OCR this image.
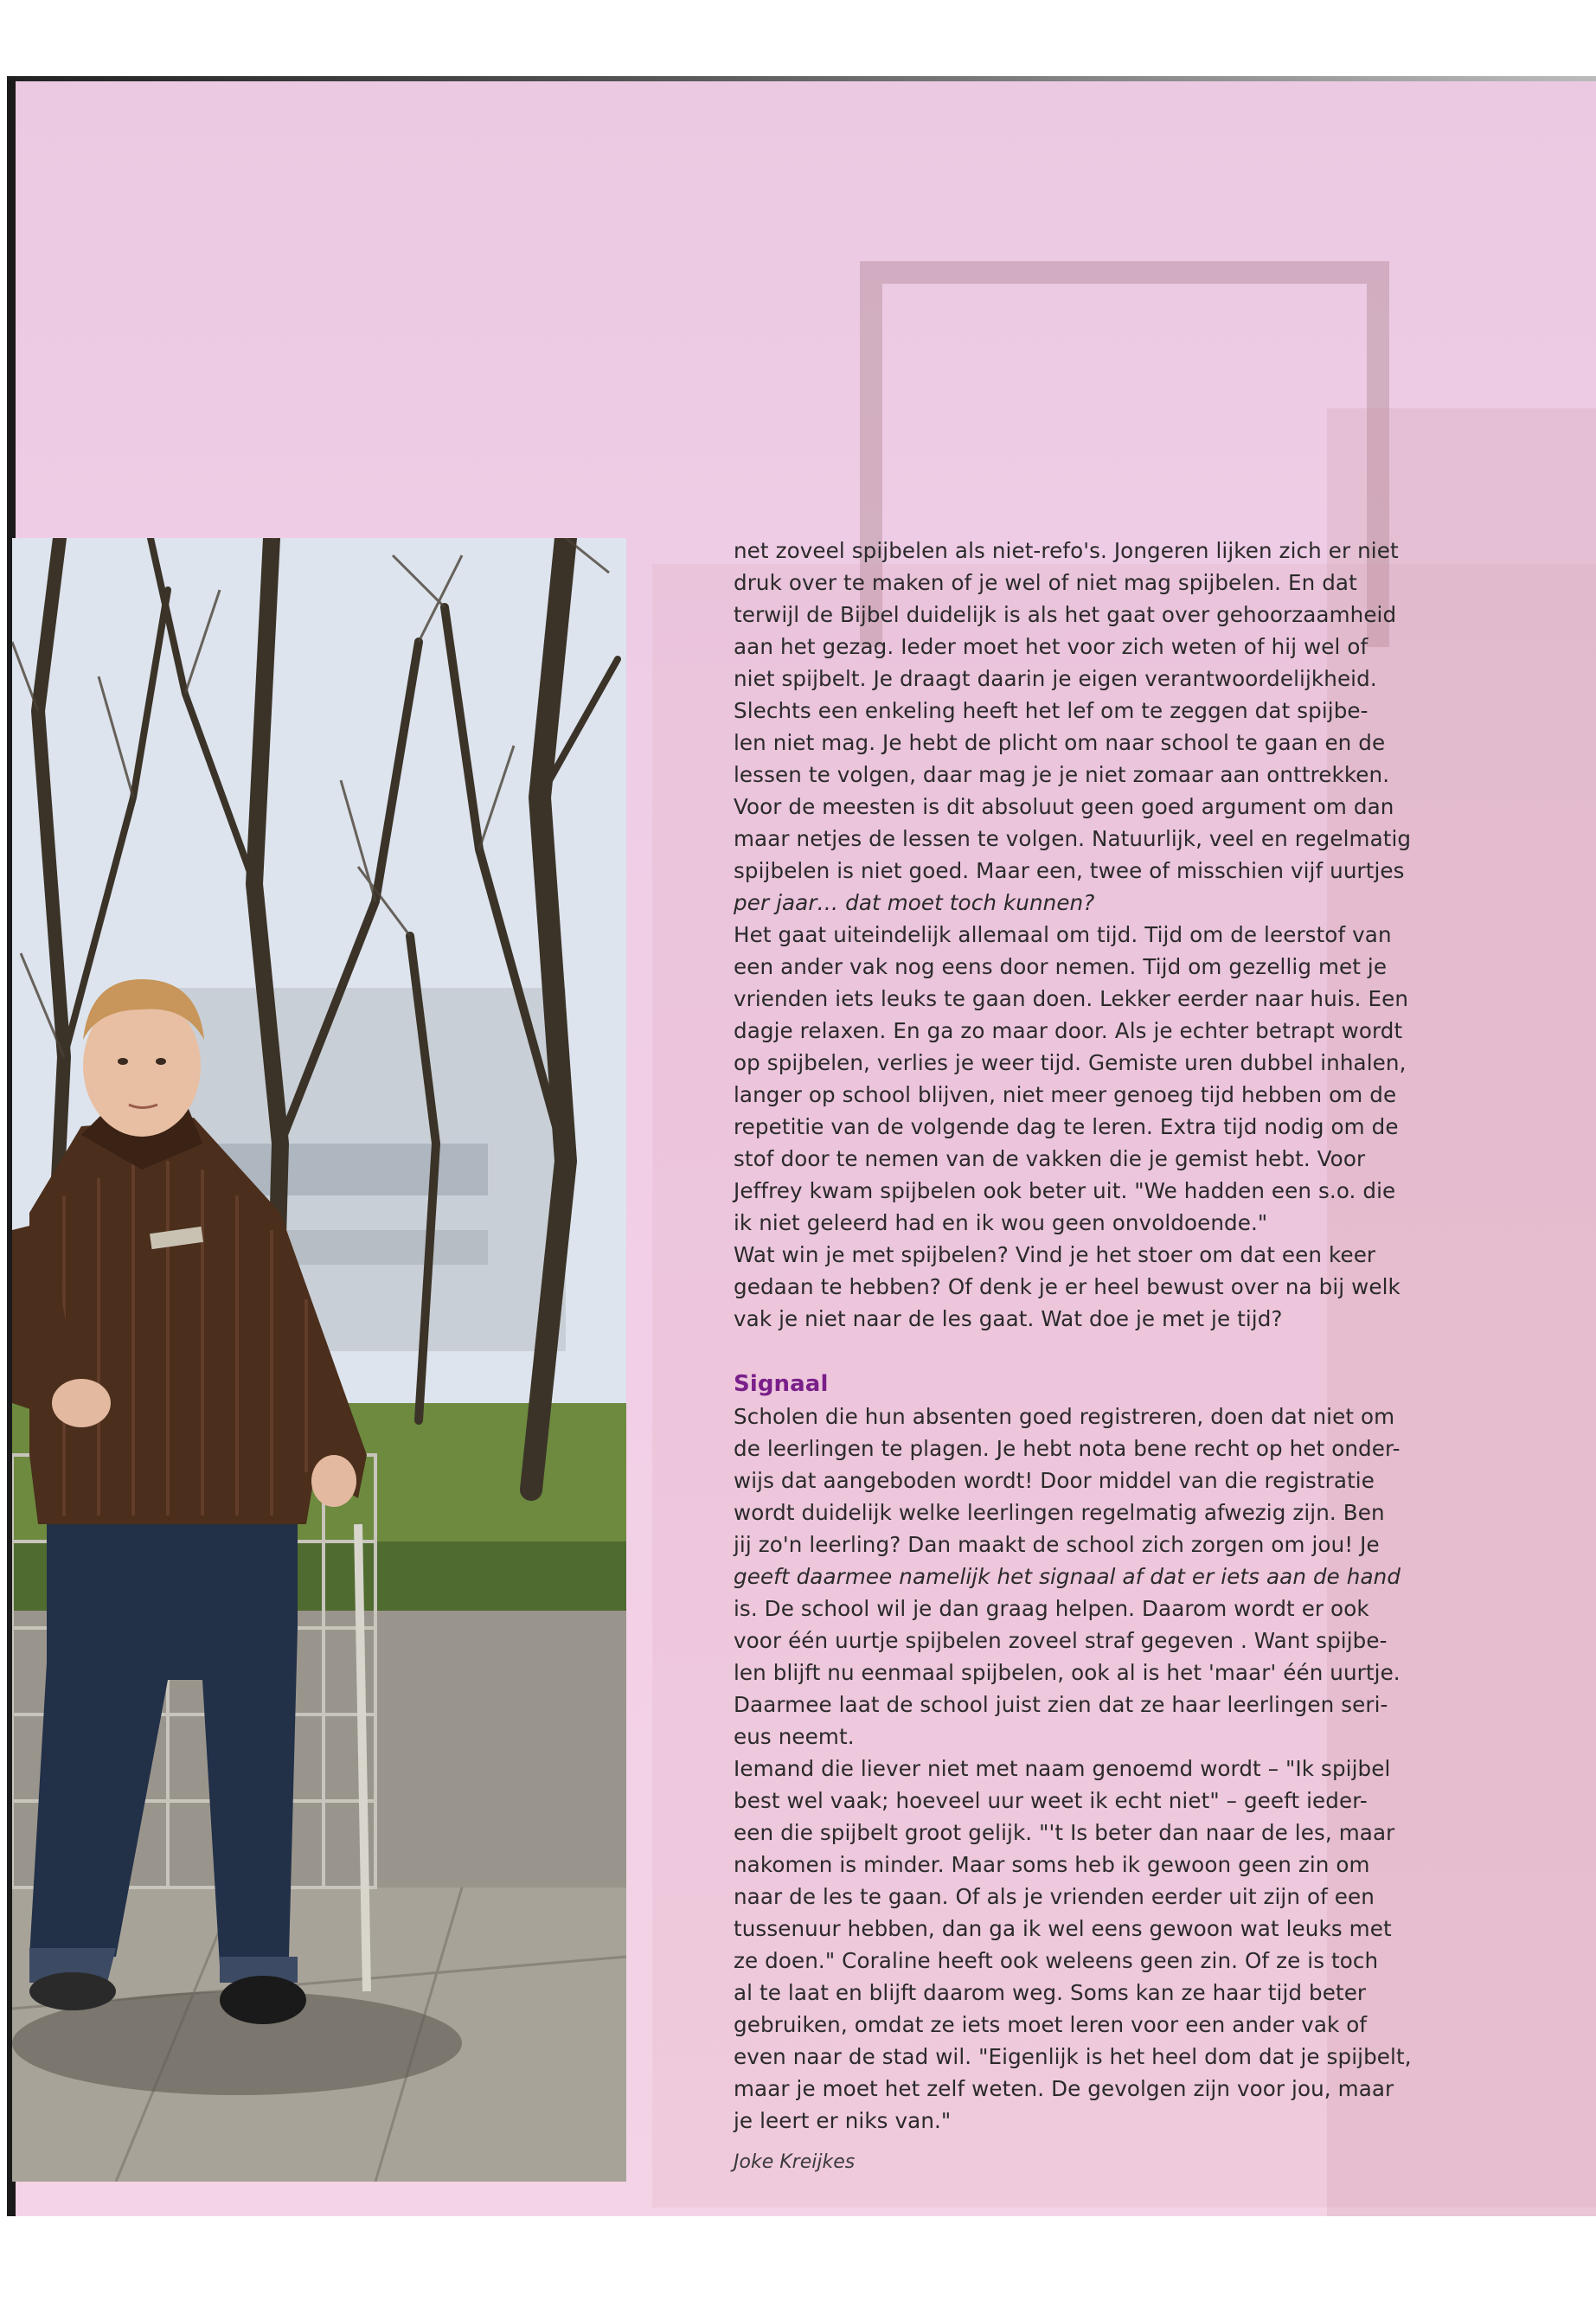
net zoveel spijbelen als niet-refo's. Jongeren lijken zich er niet

druk over te maken of je wel of niet mag spijbelen. En dat

terwijl de Bijbel duidelijk is als het gaat over gehoorzaamheid

aan het gezag. Ieder moet het voor zich weten of hij wel of

niet spijbelt. Je draagt daarin je eigen verantwoordelijkheid.

Slechts een enkeling heeft het lef om te zeggen dat spijbe-

len niet mag. Je hebt de plicht om naar school te gaan en de

lessen te volgen, daar mag je je niet zomaar aan onttrekken.

Voor de meesten is dit absoluut geen goed argument om dan

maar netjes de lessen te volgen. Natuurlijk, veel en regelmatig

spijbelen is niet goed. Maar een, twee of misschien vijf uurtjes

per jaar… dat moet toch kunnen?

Het gaat uiteindelijk allemaal om tijd. Tijd om de leerstof van

een ander vak nog eens door nemen. Tijd om gezellig met je

vrienden iets leuks te gaan doen. Lekker eerder naar huis. Een

dagje relaxen. En ga zo maar door. Als je echter betrapt wordt

op spijbelen, verlies je weer tijd. Gemiste uren dubbel inhalen,

langer op school blijven, niet meer genoeg tijd hebben om de

repetitie van de volgende dag te leren. Extra tijd nodig om de

stof door te nemen van de vakken die je gemist hebt. Voor

Jeffrey kwam spijbelen ook beter uit. "We hadden een s.o. die

ik niet geleerd had en ik wou geen onvoldoende."

Wat win je met spijbelen? Vind je het stoer om dat een keer

gedaan te hebben? Of denk je er heel bewust over na bij welk

vak je niet naar de les gaat. Wat doe je met je tijd?

Signaal

Scholen die hun absenten goed registreren, doen dat niet om

de leerlingen te plagen. Je hebt nota bene recht op het onder-

wijs dat aangeboden wordt! Door middel van die registratie

wordt duidelijk welke leerlingen regelmatig afwezig zijn. Ben

jij zo'n leerling? Dan maakt de school zich zorgen om jou! Je

geeft daarmee namelijk het signaal af dat er iets aan de hand

is. De school wil je dan graag helpen. Daarom wordt er ook

voor één uurtje spijbelen zoveel straf gegeven . Want spijbe-

len blijft nu eenmaal spijbelen, ook al is het 'maar' één uurtje.

Daarmee laat de school juist zien dat ze haar leerlingen seri-

eus neemt.

Iemand die liever niet met naam genoemd wordt – "Ik spijbel

best wel vaak; hoeveel uur weet ik echt niet" – geeft ieder-

een die spijbelt groot gelijk. "'t Is beter dan naar de les, maar

nakomen is minder. Maar soms heb ik gewoon geen zin om

naar de les te gaan. Of als je vrienden eerder uit zijn of een

tussenuur hebben, dan ga ik wel eens gewoon wat leuks met

ze doen." Coraline heeft ook weleens geen zin. Of ze is toch

al te laat en blijft daarom weg. Soms kan ze haar tijd beter

gebruiken, omdat ze iets moet leren voor een ander vak of

even naar de stad wil. "Eigenlijk is het heel dom dat je spijbelt,

maar je moet het zelf weten. De gevolgen zijn voor jou, maar

je leert er niks van."

Joke Kreijkes
